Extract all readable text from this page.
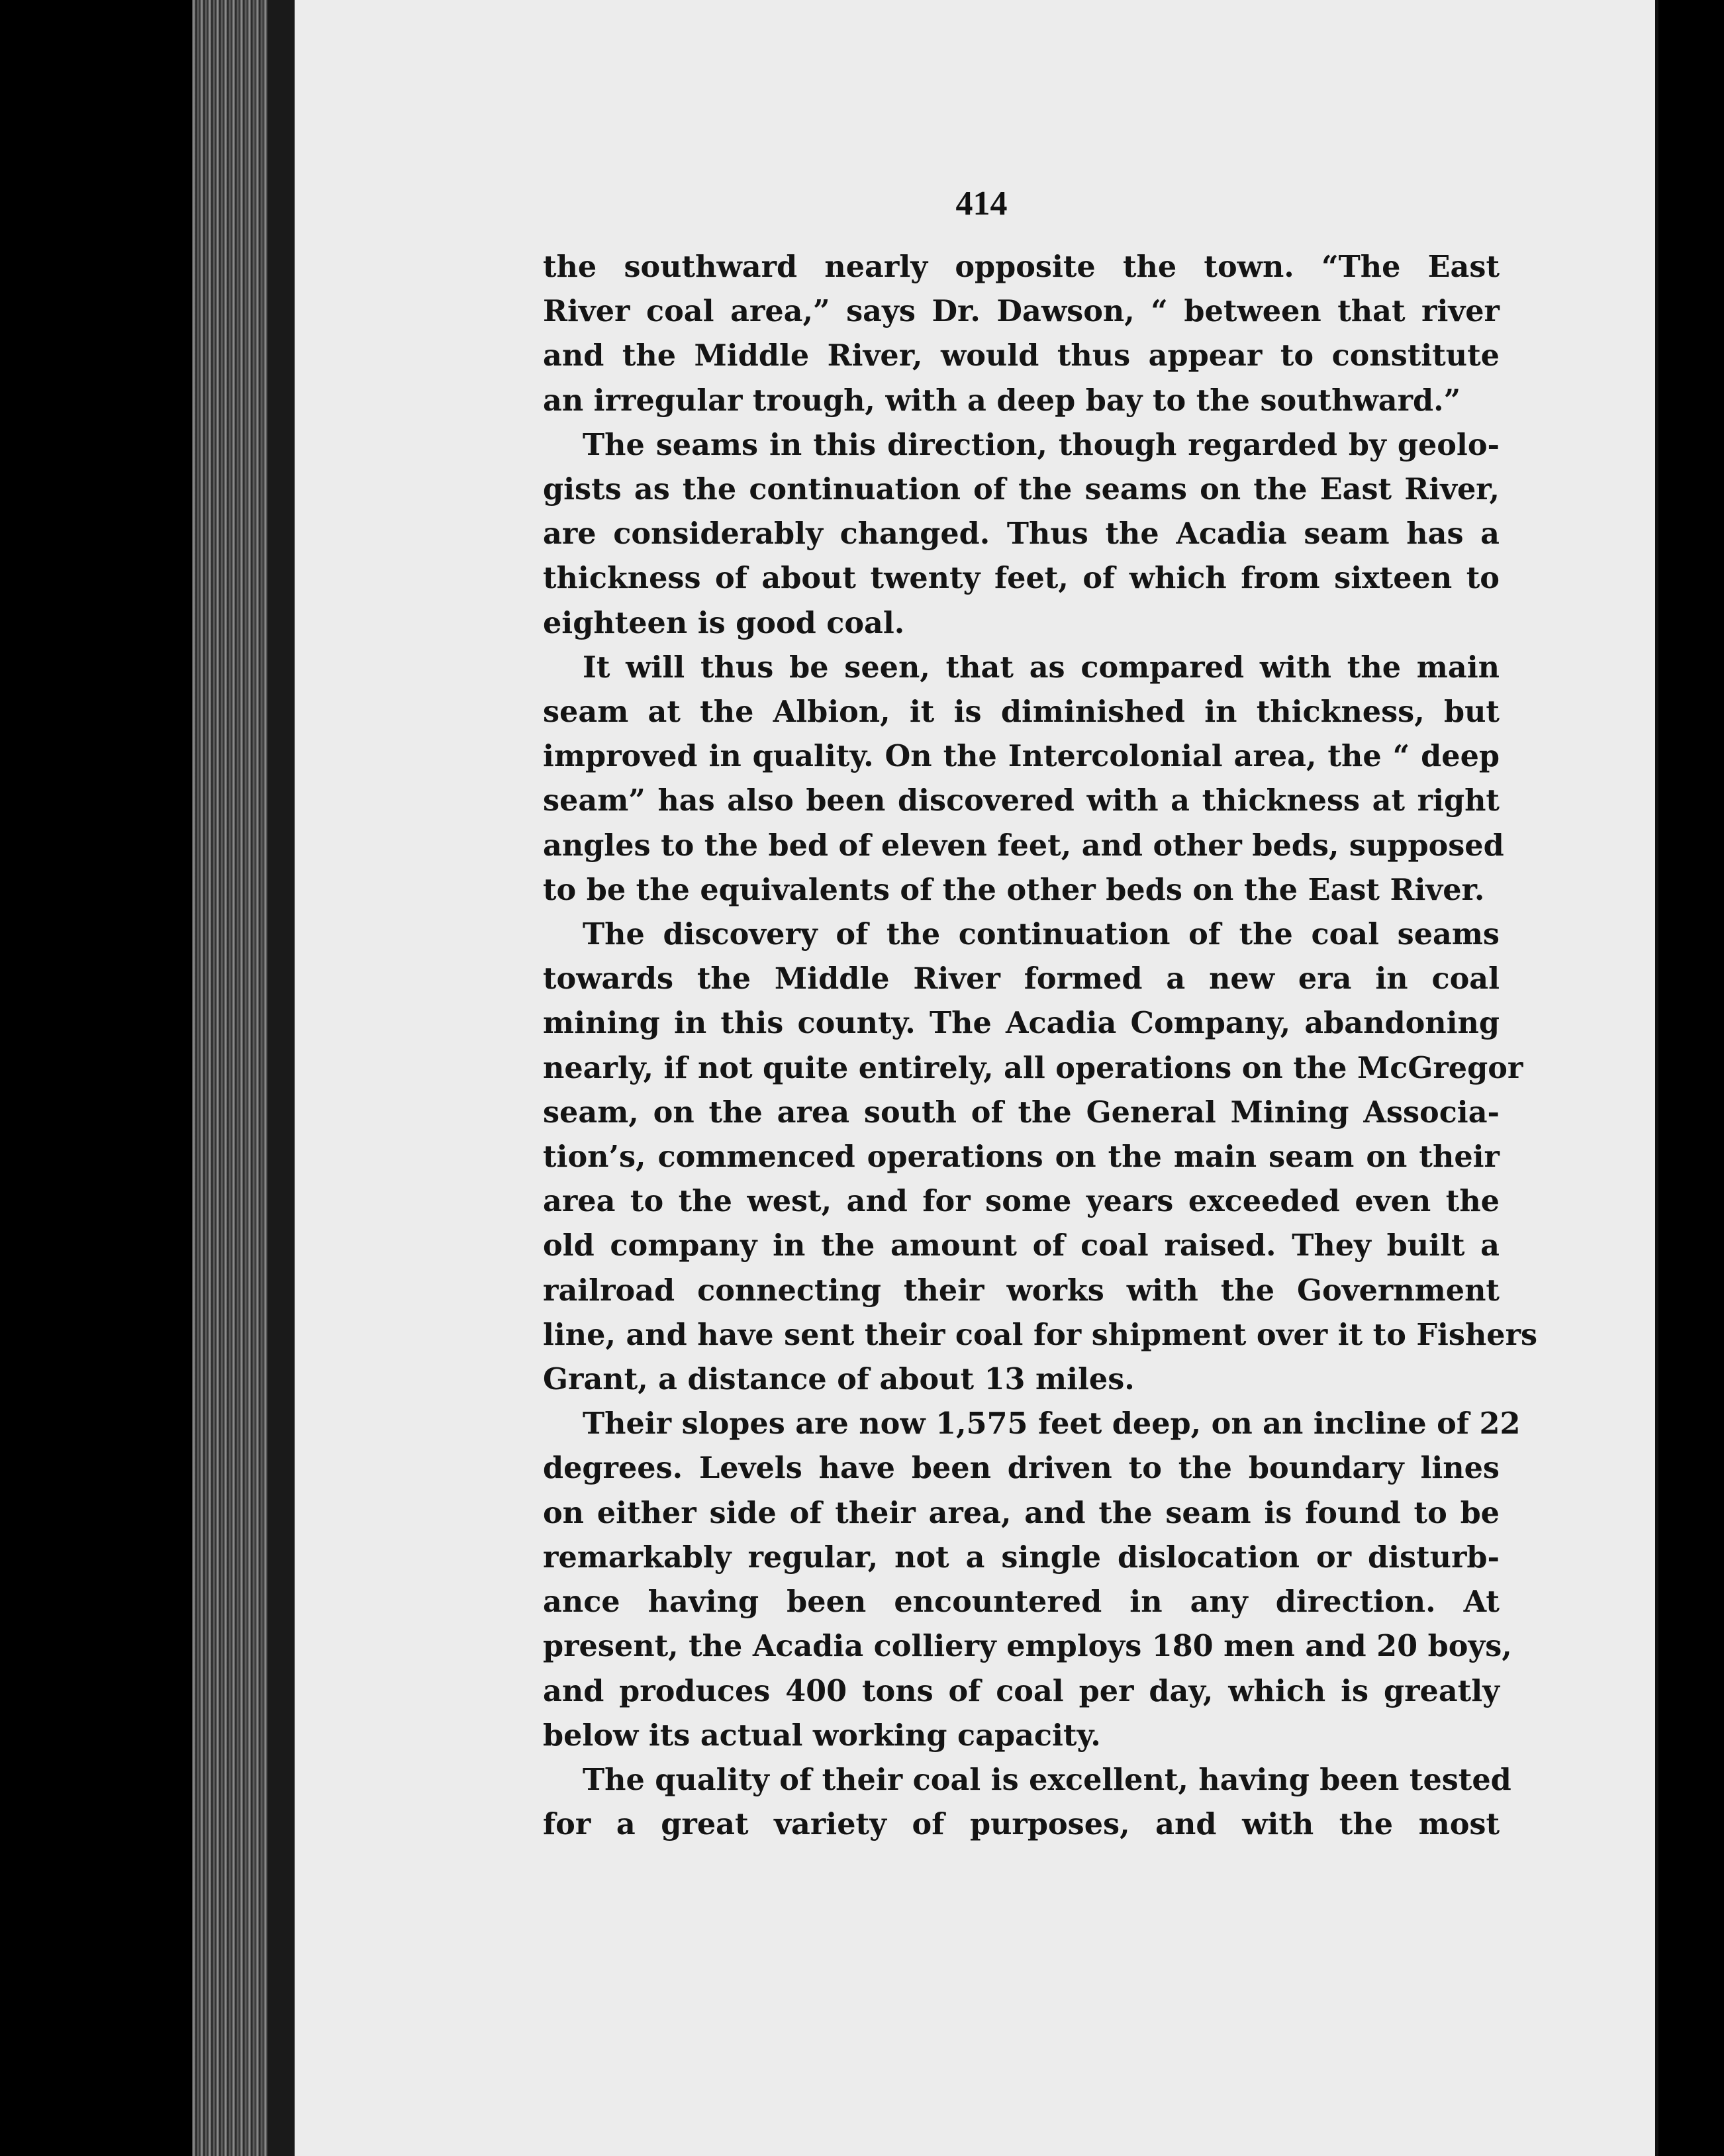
414
the southward nearly opposite the town. “The East
River coal area,” says Dr. Dawson, “ between that river
and the Middle River, would thus appear to constitute
an irregular trough, with a deep bay to the southward.”
The seams in this direction, though regarded by geolo-
gists as the continuation of the seams on the East River,
are considerably changed. Thus the Acadia seam has a
thickness of about twenty feet, of which from sixteen to
eighteen is good coal.
It will thus be seen, that as compared with the main
seam at the Albion, it is diminished in thickness, but
improved in quality. On the Intercolonial area, the “ deep
seam” has also been discovered with a thickness at right
angles to the bed of eleven feet, and other beds, supposed
to be the equivalents of the other beds on the East River.
The discovery of the continuation of the coal seams
towards the Middle River formed a new era in coal
mining in this county. The Acadia Company, abandoning
nearly, if not quite entirely, all operations on the McGregor
seam, on the area south of the General Mining Associa-
tion’s, commenced operations on the main seam on their
area to the west, and for some years exceeded even the
old company in the amount of coal raised. They built a
railroad connecting their works with the Government
line, and have sent their coal for shipment over it to Fishers
Grant, a distance of about 13 miles.
Their slopes are now 1,575 feet deep, on an incline of 22
degrees. Levels have been driven to the boundary lines
on either side of their area, and the seam is found to be
remarkably regular, not a single dislocation or disturb-
ance having been encountered in any direction. At
present, the Acadia colliery employs 180 men and 20 boys,
and produces 400 tons of coal per day, which is greatly
below its actual working capacity.
The quality of their coal is excellent, having been tested
for a great variety of purposes, and with the most
